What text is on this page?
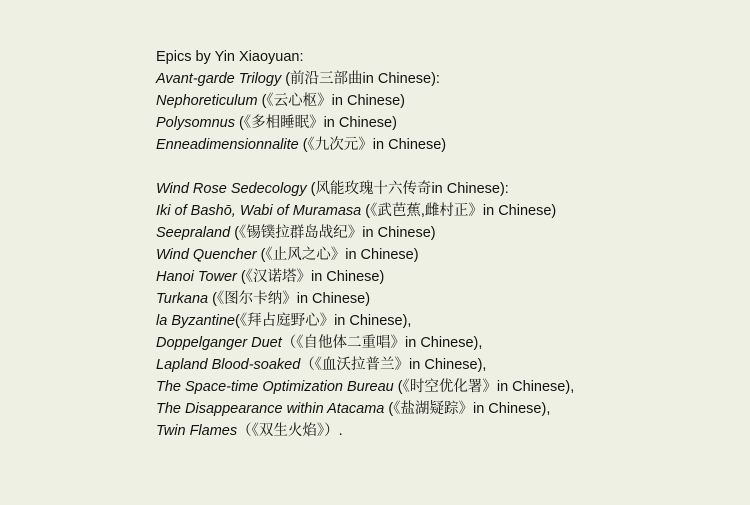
Epics by Yin Xiaoyuan:
Avant-garde Trilogy (前沿三部曲in Chinese):
Nephoreticulum (《云心枢》in Chinese)
Polysomnus (《多相睡眠》in Chinese)
Enneadimensionnalite (《九次元》in Chinese)
Wind Rose Sedecology (风能玫瑰十六传奇in Chinese):
Iki of Bashō, Wabi of Muramasa (《武芭蕉,雌村正》in Chinese)
Seepraland (《锡镤拉群岛战纪》in Chinese)
Wind Quencher (《止风之心》in Chinese)
Hanoi Tower (《汉诺塔》in Chinese)
Turkana (《图尔卡纳》in Chinese)
la Byzantine(《拜占庭野心》in Chinese),
Doppelganger Duet（《自他体二重唱》in Chinese),
Lapland Blood-soaked（《血沃拉普兰》in Chinese),
The Space-time Optimization Bureau (《时空优化署》in Chinese),
The Disappearance within Atacama (《盐湖疑踪》in Chinese),
Twin Flames（《双生火焰》）.
